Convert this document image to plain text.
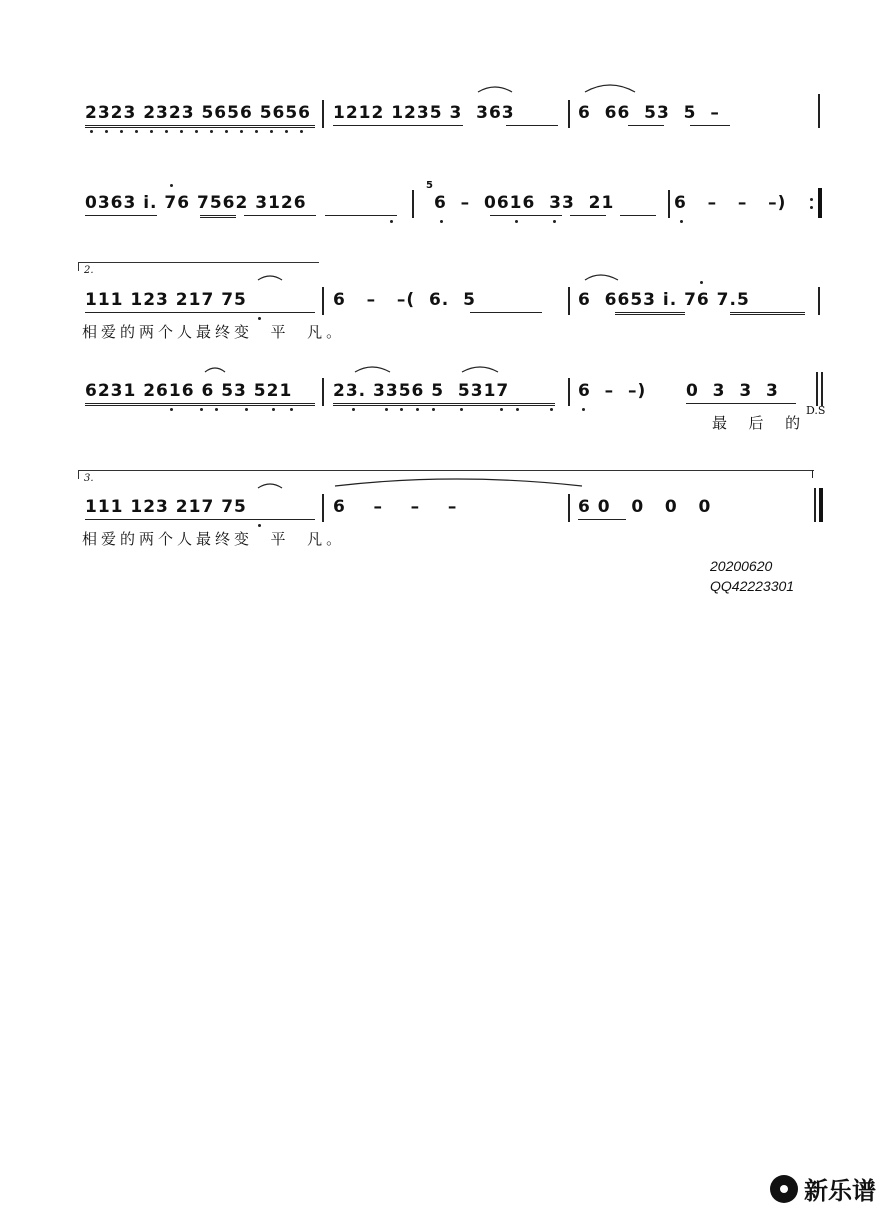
2323 2323 5656 5656 1212 1235 3  363	6  66  53  5  –
0363 i. 76 7562 3126
5
6  –  0616  33  21	6   –   –   –)
2.
111 123 217 75	6   –   –(  6.  5	6  6653 i. 76 7.5
相爱的两个人最终变  平  凡。
6231 2616 6 53 521 23. 3356 5  5317	6  –  –) 0  3  3  3
D.S
最  后  的
3.
111 123 217 75	6    –    –    –	6 0   0   0   0
相爱的两个人最终变  平  凡。
20200620
QQ42223301
新乐谱
